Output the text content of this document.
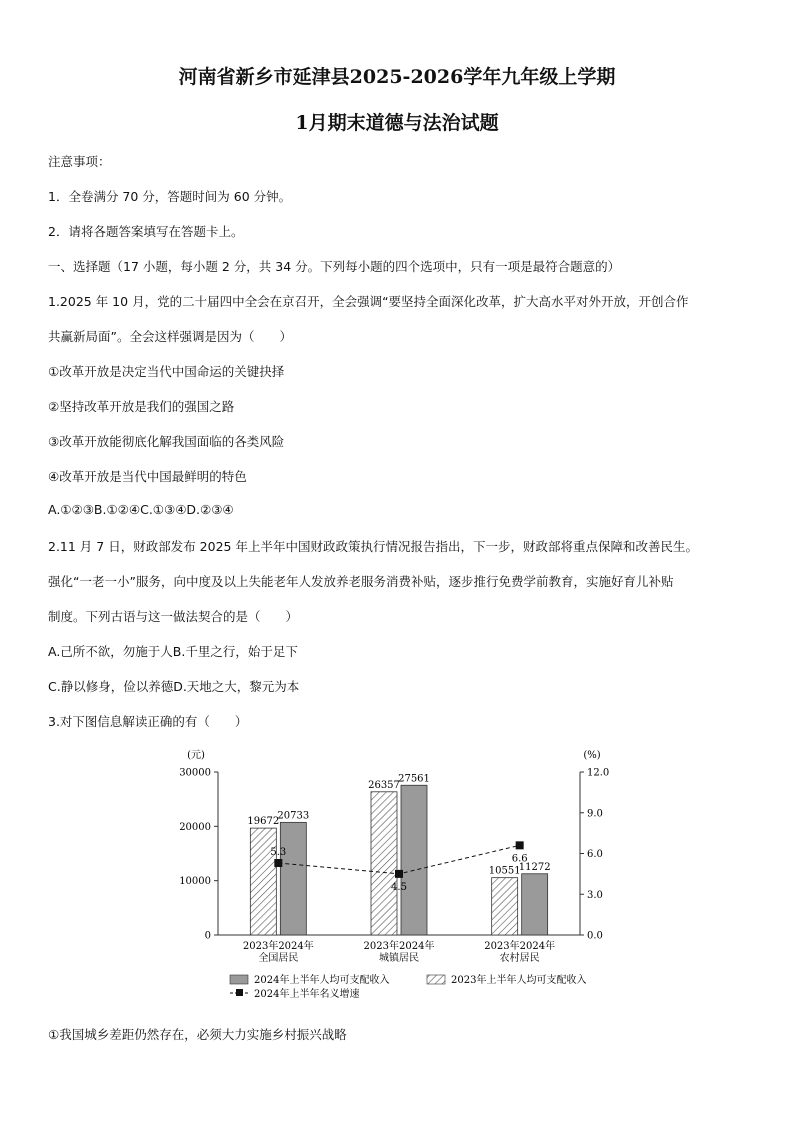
河南省新乡市延津县2025-2026学年九年级上学期
1月期末道德与法治试题
注意事项：
1．全卷满分 70 分，答题时间为 60 分钟。
2．请将各题答案填写在答题卡上。
一、选择题（17 小题，每小题 2 分，共 34 分。下列每小题的四个选项中，只有一项是最符合题意的）
1.2025 年 10 月，党的二十届四中全会在京召开，全会强调“要坚持全面深化改革，扩大高水平对外开放，开创合作
共赢新局面”。全会这样强调是因为（　　）
①改革开放是决定当代中国命运的关键抉择
②坚持改革开放是我们的强国之路
③改革开放能彻底化解我国面临的各类风险
④改革开放是当代中国最鲜明的特色
A.①②③B.①②④C.①③④D.②③④
2.11 月 7 日，财政部发布 2025 年上半年中国财政政策执行情况报告指出，下一步，财政部将重点保障和改善民生。
强化“一老一小”服务，向中度及以上失能老年人发放养老服务消费补贴，逐步推行免费学前教育，实施好育儿补贴
制度。下列古语与这一做法契合的是（　　）
A.己所不欲，勿施于人B.千里之行，始于足下
C.静以修身，俭以养德D.天地之大，黎元为本
3.对下图信息解读正确的有（　　）
(元)	(%)
0
10000
20000
30000
0.0
3.0
6.0
9.0
12.0
19672
20733
2023年2024年
全国居民
26357
27561
2023年2024年
城镇居民
10551
11272
2023年2024年
农村居民
5.3
4.5
6.6
2024年上半年人均可支配收入	2023年上半年人均可支配收入
2024年上半年名义增速
①我国城乡差距仍然存在，必须大力实施乡村振兴战略
